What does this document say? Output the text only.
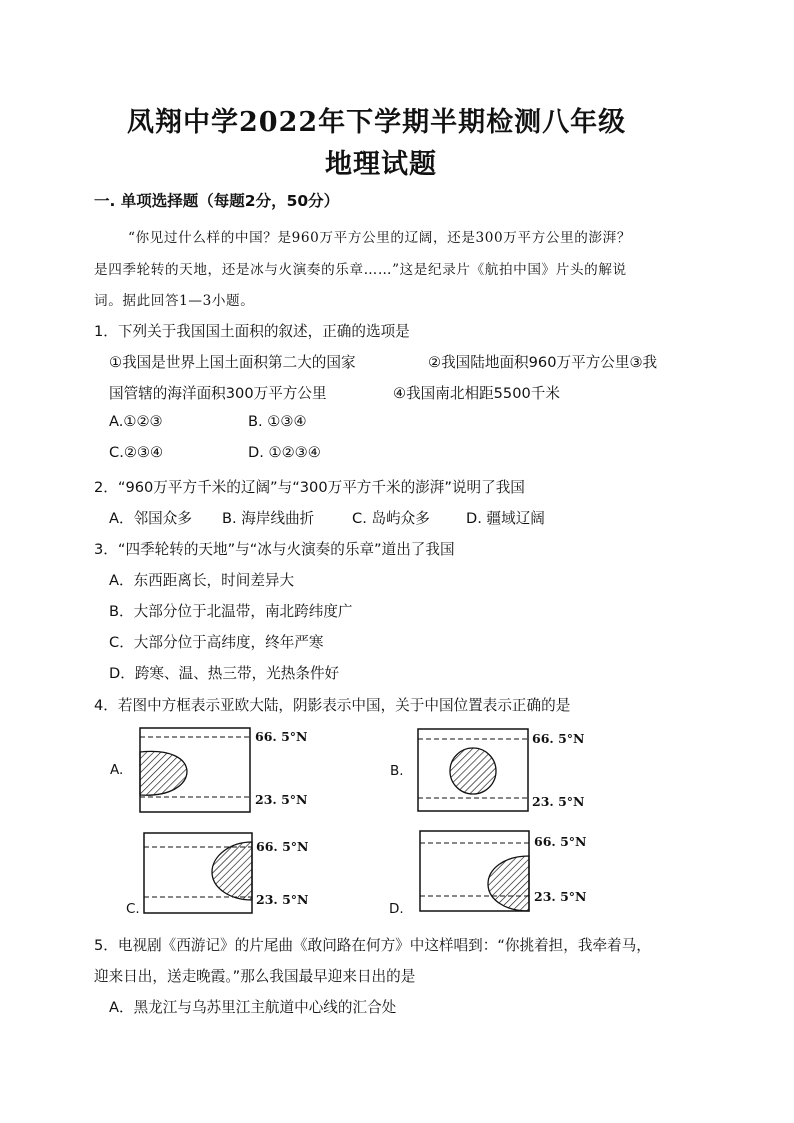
凤翔中学2022年下学期半期检测八年级
地理试题
一. 单项选择题（每题2分，50分）
“你见过什么样的中国？是960万平方公里的辽阔，还是300万平方公里的澎湃？
是四季轮转的天地，还是冰与火演奏的乐章……”这是纪录片《航拍中国》片头的解说
词。据此回答1—3小题。
1．下列关于我国国土面积的叙述，正确的选项是
①我国是世界上国土面积第二大的国家	②我国陆地面积960万平方公里③我
国管辖的海洋面积300万平方公里	④我国南北相距5500千米
A.①②③	B. ①③④
C.②③④	D. ①②③④
2．“960万平方千米的辽阔”与“300万平方千米的澎湃”说明了我国
A．邻国众多 B. 海岸线曲折	C. 岛屿众多 D. 疆域辽阔
3．“四季轮转的天地”与“冰与火演奏的乐章”道出了我国
A．东西距离长，时间差异大
B．大部分位于北温带，南北跨纬度广
C．大部分位于高纬度，终年严寒
D．跨寒、温、热三带，光热条件好
4．若图中方框表示亚欧大陆，阴影表示中国，关于中国位置表示正确的是
A.
66. 5°N
23. 5°N
B.
66. 5°N
23. 5°N
C.
66. 5°N
23. 5°N
D.
66. 5°N
23. 5°N
5．电视剧《西游记》的片尾曲《敢问路在何方》中这样唱到：“你挑着担，我牵着马，
迎来日出，送走晚霞。”那么我国最早迎来日出的是
A．黑龙江与乌苏里江主航道中心线的汇合处
